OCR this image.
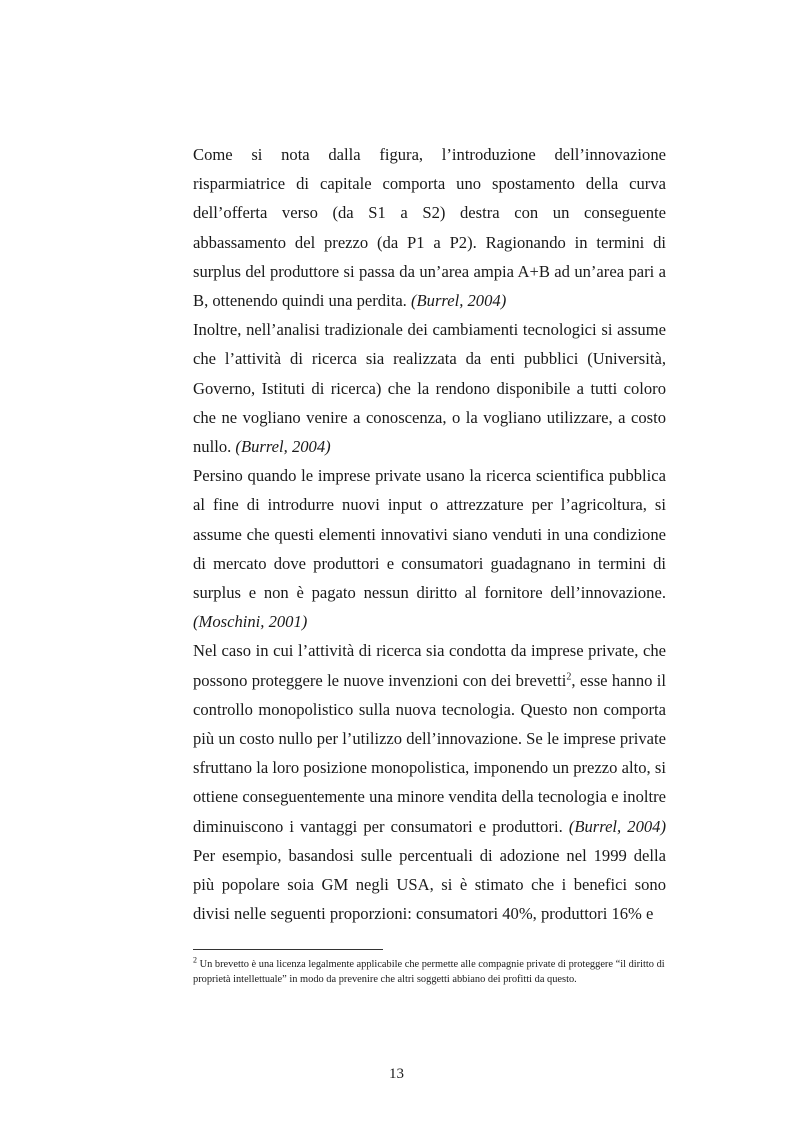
Come si nota dalla figura, l’introduzione dell’innovazione risparmiatrice di capitale comporta uno spostamento della curva dell’offerta verso (da S1 a S2) destra con un conseguente abbassamento del prezzo (da P1 a P2). Ragionando in termini di surplus del produttore si passa da un’area ampia A+B ad un’area pari a B, ottenendo quindi una perdita. (Burrel, 2004)

Inoltre, nell’analisi tradizionale dei cambiamenti tecnologici si assume che l’attività di ricerca sia realizzata da enti pubblici (Università, Governo, Istituti di ricerca) che la rendono disponibile a tutti coloro che ne vogliano venire a conoscenza, o la vogliano utilizzare, a costo nullo. (Burrel, 2004)

Persino quando le imprese private usano la ricerca scientifica pubblica al fine di introdurre nuovi input o attrezzature per l’agricoltura, si assume che questi elementi innovativi siano venduti in una condizione di mercato dove produttori e consumatori guadagnano in termini di surplus e non è pagato nessun diritto al fornitore dell’innovazione. (Moschini, 2001)

Nel caso in cui l’attività di ricerca sia condotta da imprese private, che possono proteggere le nuove invenzioni con dei brevetti$^2$, esse hanno il controllo monopolistico sulla nuova tecnologia. Questo non comporta più un costo nullo per l’utilizzo dell’innovazione. Se le imprese private sfruttano la loro posizione monopolistica, imponendo un prezzo alto, si ottiene conseguentemente una minore vendita della tecnologia e inoltre diminuiscono i vantaggi per consumatori e produttori. (Burrel, 2004) Per esempio, basandosi sulle percentuali di adozione nel 1999 della più popolare soia GM negli USA, si è stimato che i benefici sono divisi nelle seguenti proporzioni: consumatori 40%, produttori 16% e

$^2$ Un brevetto è una licenza legalmente applicabile che permette alle compagnie private di proteggere “il diritto di proprietà intellettuale” in modo da prevenire che altri soggetti abbiano dei profitti da questo.
13
